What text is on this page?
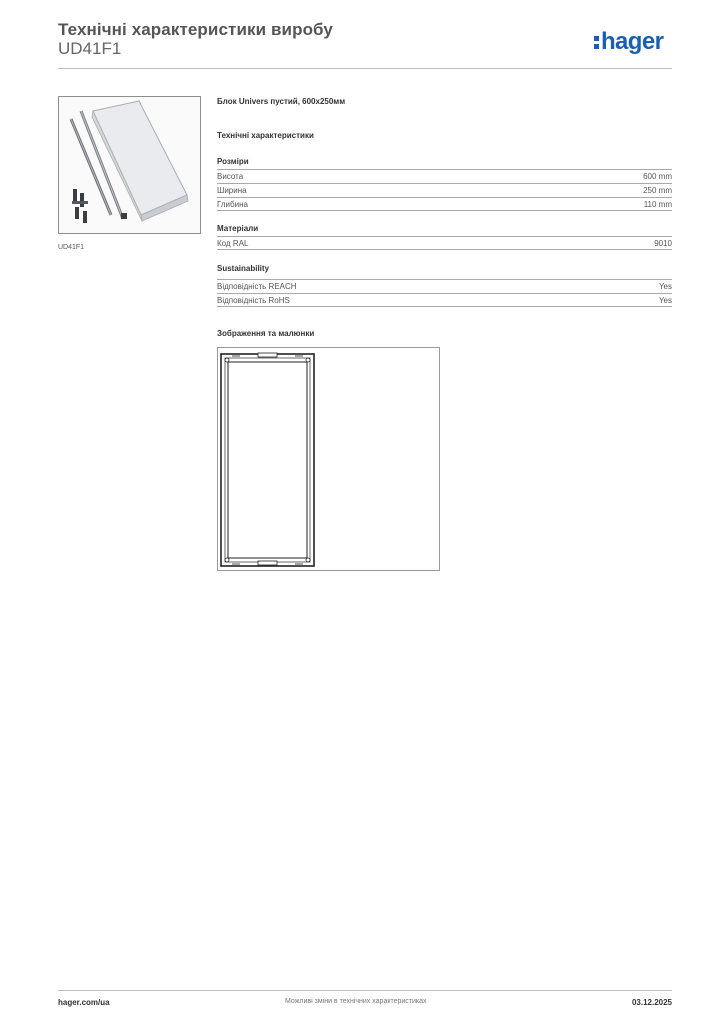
Технічні характеристики виробу
UD41F1	hager
UD41F1
Блок Univers пустий, 600x250мм
Технічні характеристики
Розміри
Висота	600 mm
Ширина	250 mm
Глибина	110 mm
Матеріали
Код RAL	9010
Sustainability
Відповідність REACH	Yes
Відповідність RoHS	Yes
Зображення та малюнки
hager.com/ua	Можливі зміни в технічних характеристиках	03.12.2025
